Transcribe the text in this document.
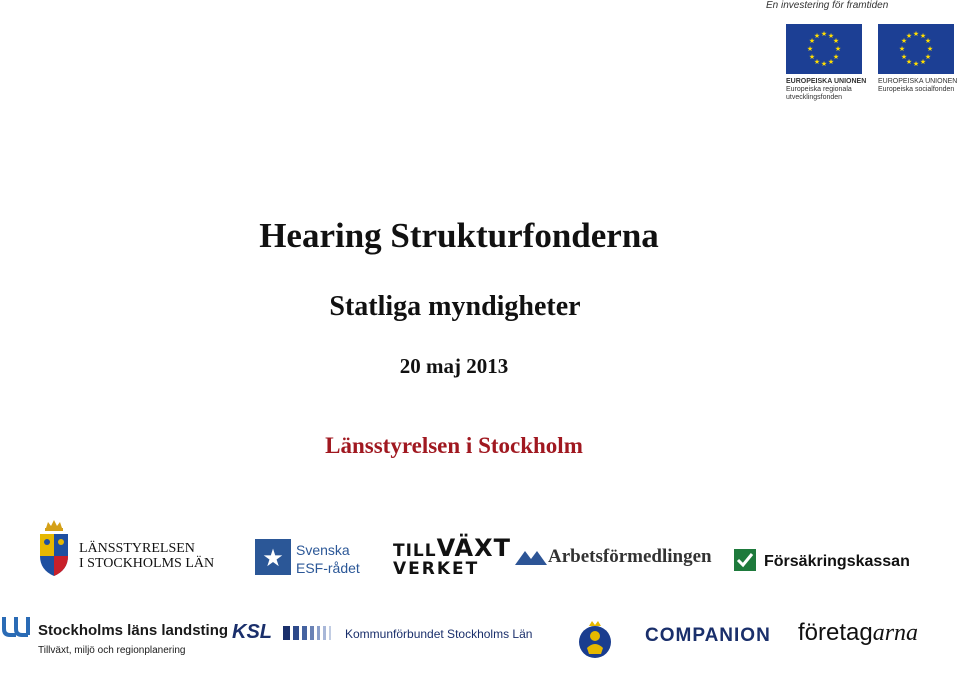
En investering för framtiden
★ ★
★
★
★
★
★
★
★
★
★
★
EUROPEISKA UNIONEN
Europeiska regionala
utvecklingsfonden
★ ★
★
★
★
★
★
★
★
★
★
★
EUROPEISKA UNIONEN
Europeiska socialfonden
Hearing Strukturfonderna
Statliga myndigheter
20 maj 2013
Länsstyrelsen i Stockholm
LÄNSSTYRELSEN
I STOCKHOLMS LÄN ★ Svenska
ESF-rådet
TILLVÄXT
VERKET
Arbetsförmedlingen	Försäkringskassan
Stockholms läns landsting
Tillväxt, miljö och regionplanering
KSL	Kommunförbundet Stockholms Län	COMPANION företagarna
